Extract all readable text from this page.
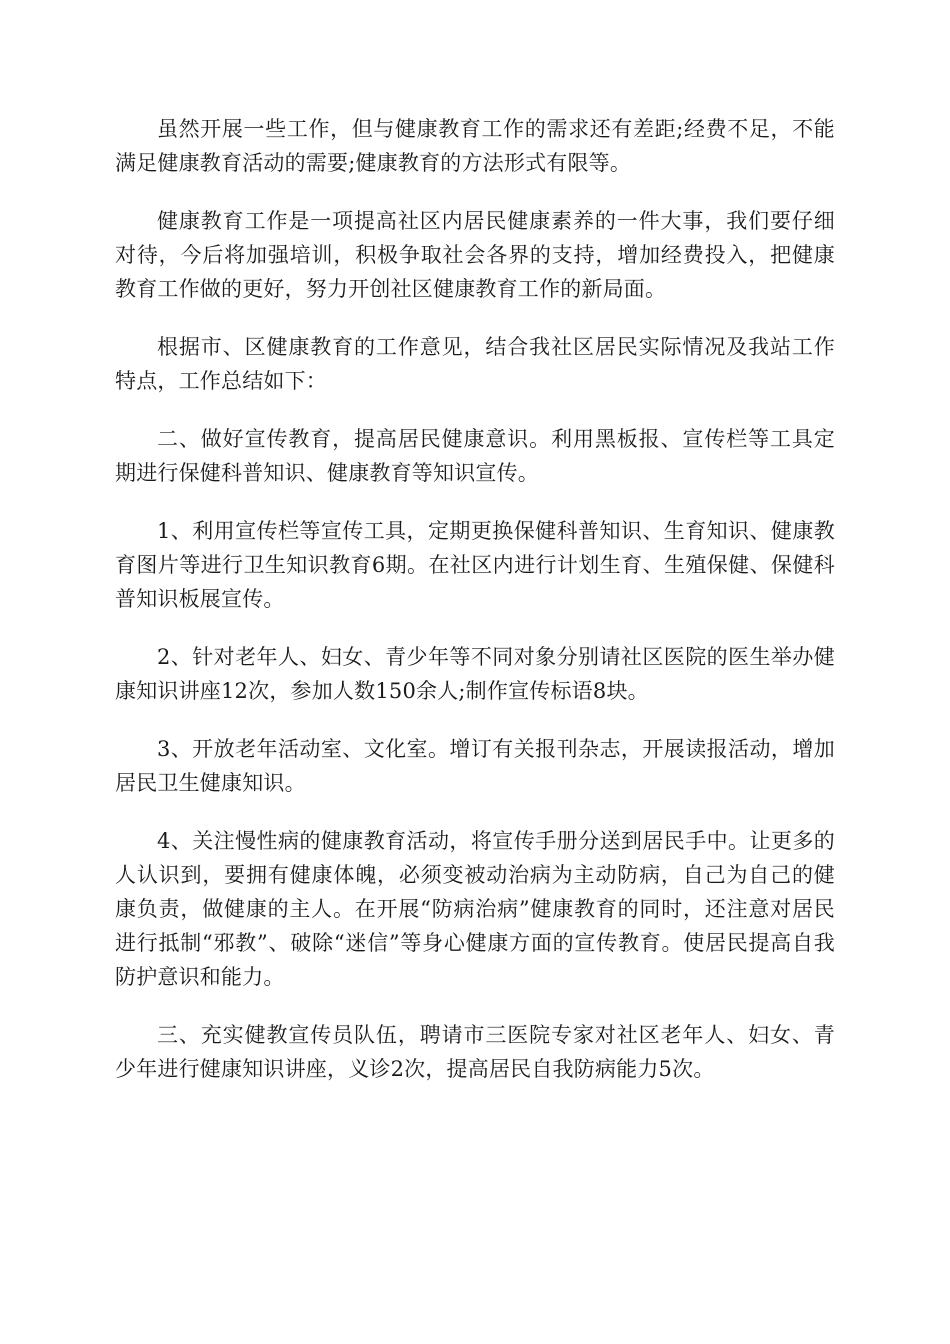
虽然开展一些工作，但与健康教育工作的需求还有差距;经费不足，不能满足健康教育活动的需要;健康教育的方法形式有限等。

健康教育工作是一项提高社区内居民健康素养的一件大事，我们要仔细对待，今后将加强培训，积极争取社会各界的支持，增加经费投入，把健康教育工作做的更好，努力开创社区健康教育工作的新局面。

根据市、区健康教育的工作意见，结合我社区居民实际情况及我站工作特点，工作总结如下：

二、做好宣传教育，提高居民健康意识。利用黑板报、宣传栏等工具定期进行保健科普知识、健康教育等知识宣传。

1、利用宣传栏等宣传工具，定期更换保健科普知识、生育知识、健康教育图片等进行卫生知识教育6期。在社区内进行计划生育、生殖保健、保健科普知识板展宣传。

2、针对老年人、妇女、青少年等不同对象分别请社区医院的医生举办健康知识讲座12次，参加人数150余人;制作宣传标语8块。

3、开放老年活动室、文化室。增订有关报刊杂志，开展读报活动，增加居民卫生健康知识。

4、关注慢性病的健康教育活动，将宣传手册分送到居民手中。让更多的人认识到，要拥有健康体魄，必须变被动治病为主动防病，自己为自己的健康负责，做健康的主人。在开展“防病治病”健康教育的同时，还注意对居民进行抵制“邪教”、破除“迷信”等身心健康方面的宣传教育。使居民提高自我防护意识和能力。

三、充实健教宣传员队伍，聘请市三医院专家对社区老年人、妇女、青少年进行健康知识讲座，义诊2次，提高居民自我防病能力5次。
